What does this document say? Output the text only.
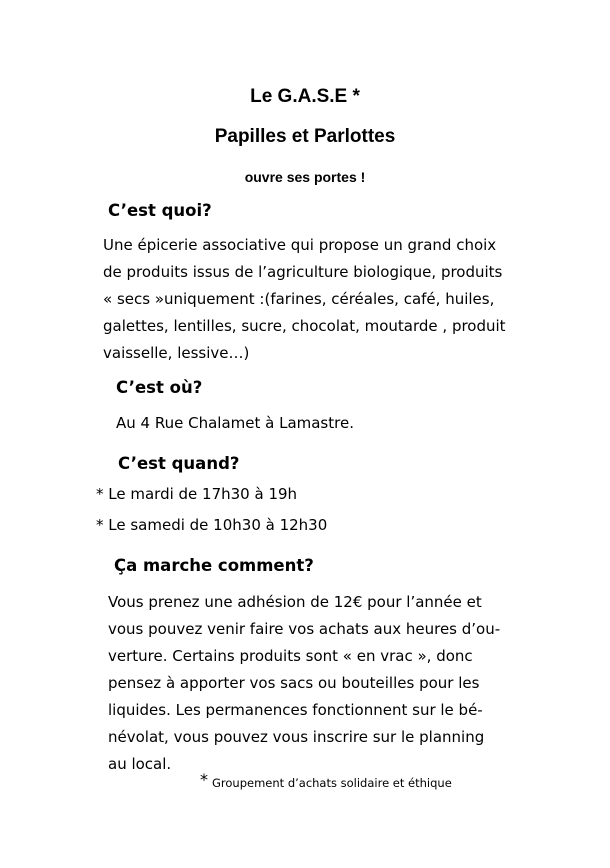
Le G.A.S.E *
Papilles et Parlottes
ouvre ses portes !
C’est quoi?
Une épicerie associative qui propose un grand choix
de produits issus de l’agriculture biologique, produits
« secs »uniquement :(farines, céréales, café, huiles,
galettes, lentilles, sucre, chocolat, moutarde , produit
vaisselle, lessive…)
C’est où?
Au 4 Rue Chalamet à Lamastre.
C’est quand?
* Le mardi de 17h30 à 19h
* Le samedi de 10h30 à 12h30
Ça marche comment?
Vous prenez une adhésion de 12€ pour l’année et
vous pouvez venir faire vos achats aux heures d’ou-
verture. Certains produits sont « en vrac », donc
pensez à apporter vos sacs ou bouteilles pour les
liquides. Les permanences fonctionnent sur le bé-
névolat, vous pouvez vous inscrire sur le planning
au local.
* Groupement d’achats solidaire et éthique
